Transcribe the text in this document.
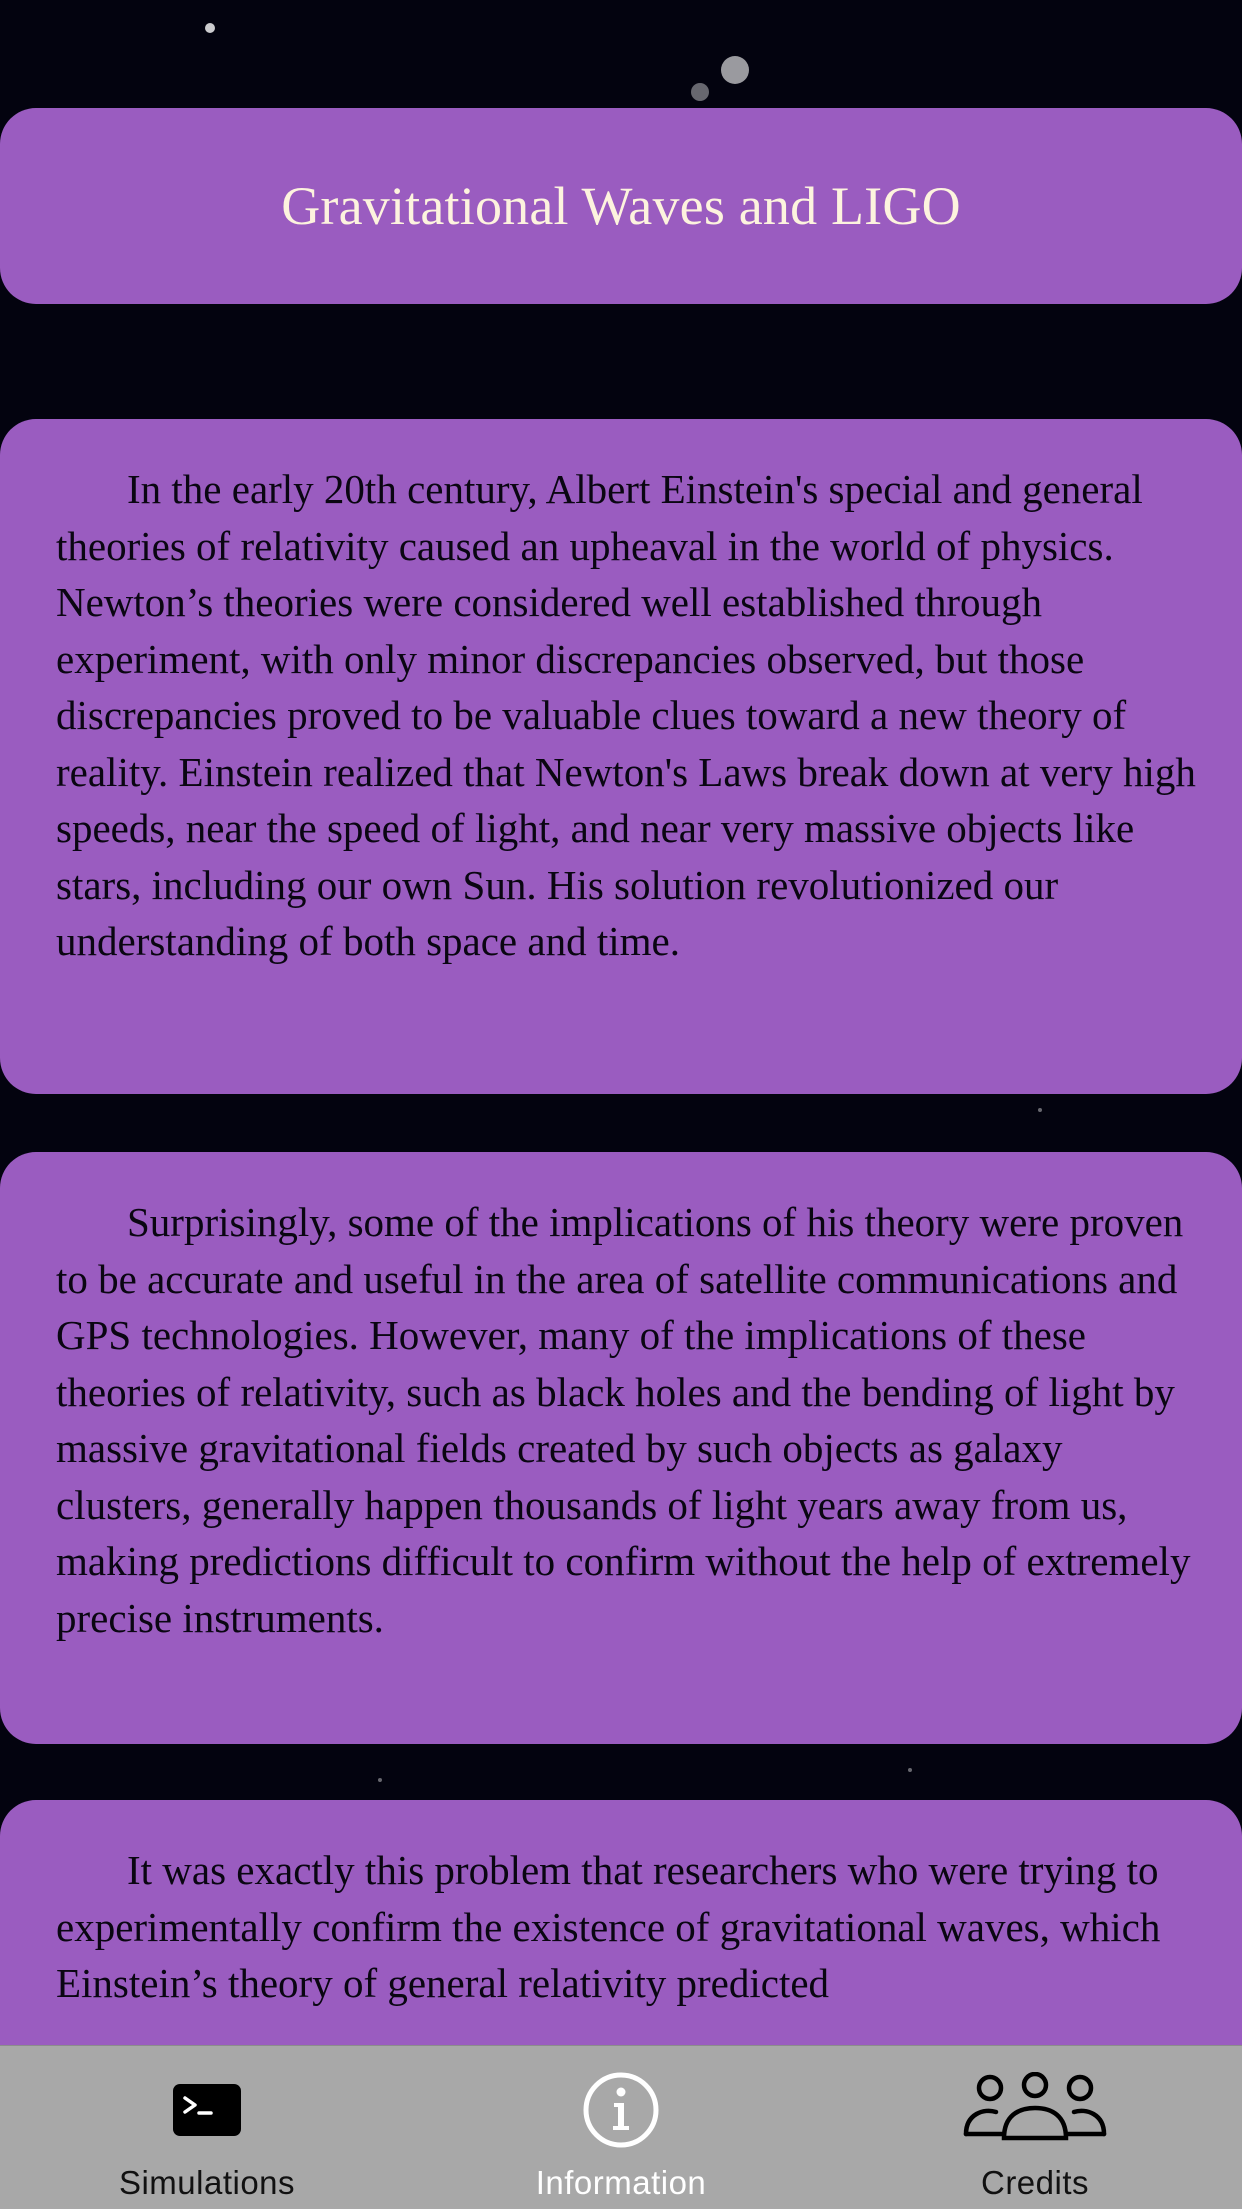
Gravitational Waves and LIGO

In the early 20th century, Albert Einstein's special and general theories of relativity caused an upheaval in the world of physics. Newton’s theories were considered well established through experiment, with only minor discrepancies observed, but those discrepancies proved to be valuable clues toward a new theory of reality. Einstein realized that Newton's Laws break down at very high speeds, near the speed of light, and near very massive objects like stars, including our own Sun. His solution revolutionized our understanding of both space and time.

Surprisingly, some of the implications of his theory were proven to be accurate and useful in the area of satellite communications and GPS technologies. However, many of the implications of these theories of relativity, such as black holes and the bending of light by massive gravitational fields created by such objects as galaxy clusters, generally happen thousands of light years away from us, making predictions difficult to confirm without the help of extremely precise instruments.

It was exactly this problem that researchers who were trying to experimentally confirm the existence of gravitational waves, which Einstein’s theory of general relativity predicted

Simulations	Information	Credits
